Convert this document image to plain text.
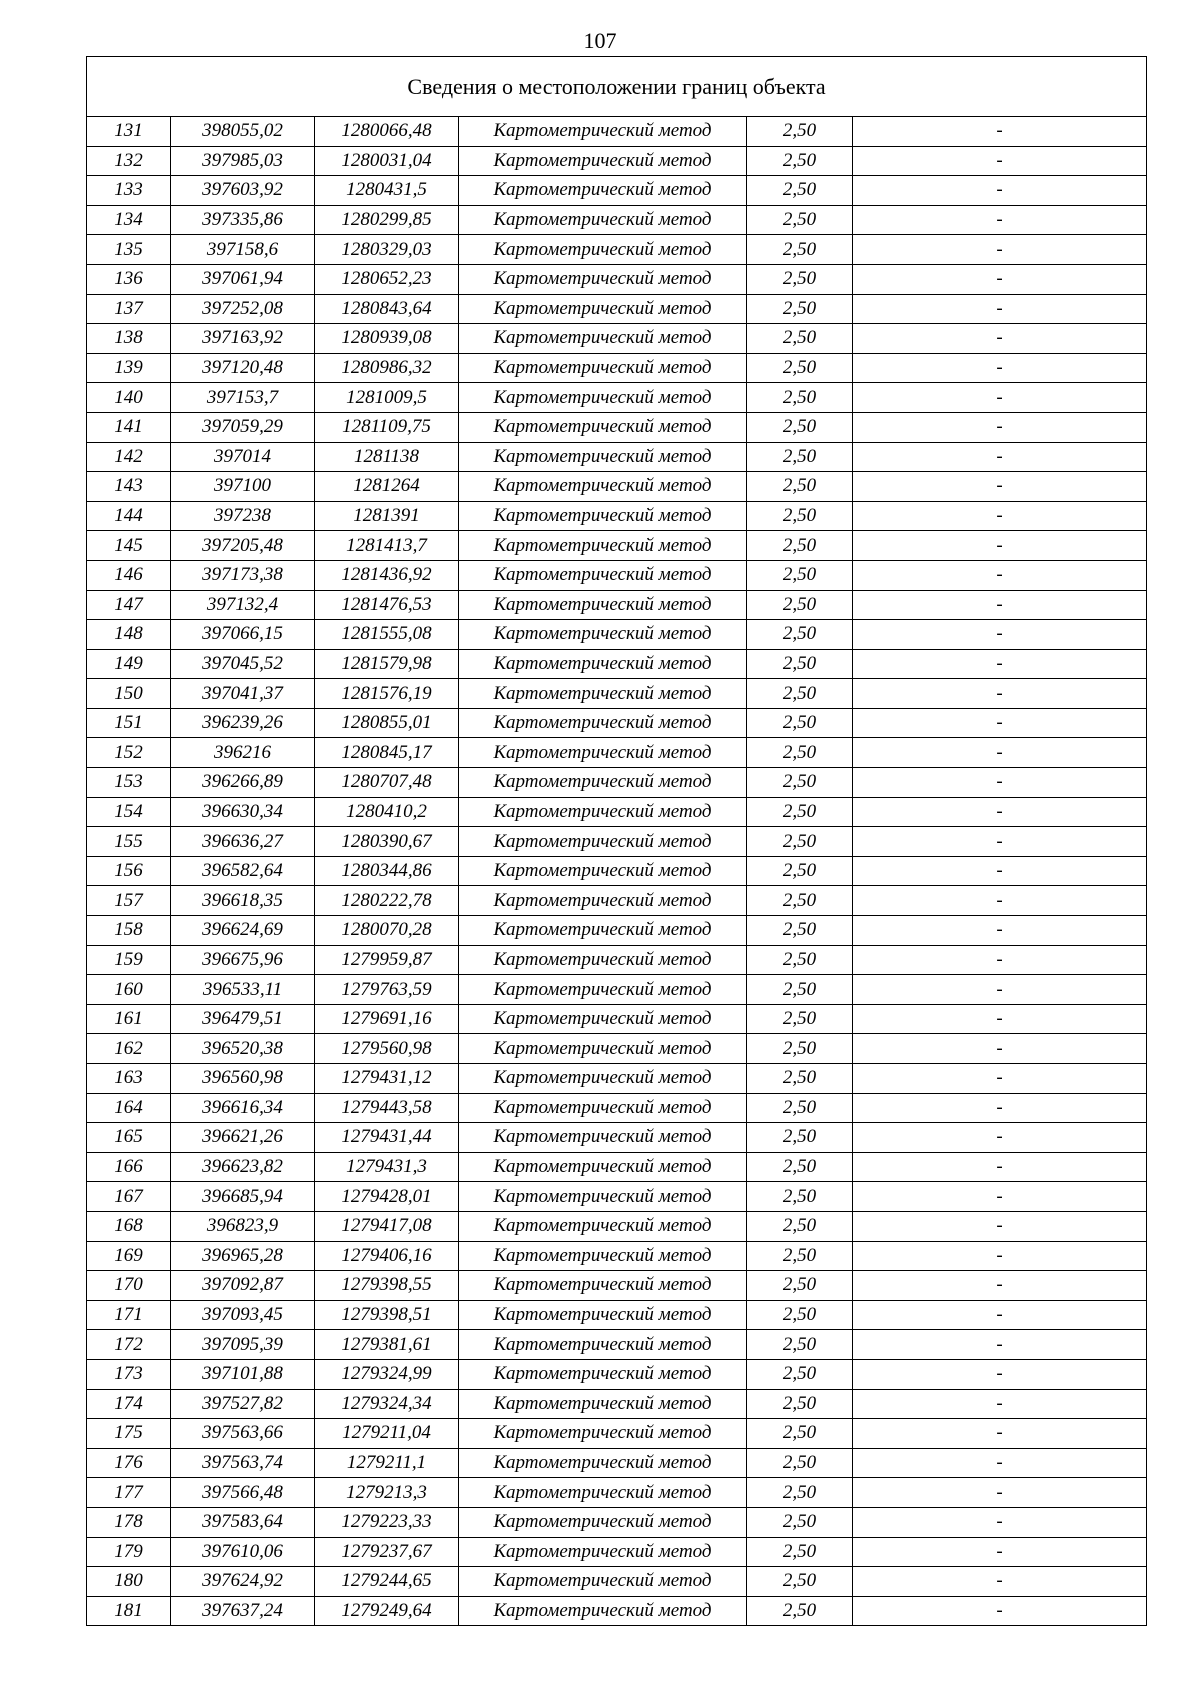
107
Сведения о местоположении границ объекта					
131	398055,02	1280066,48	Картометрический метод	2,50	-
132	397985,03	1280031,04	Картометрический метод	2,50	-
133	397603,92	1280431,5	Картометрический метод	2,50	-
134	397335,86	1280299,85	Картометрический метод	2,50	-
135	397158,6	1280329,03	Картометрический метод	2,50	-
136	397061,94	1280652,23	Картометрический метод	2,50	-
137	397252,08	1280843,64	Картометрический метод	2,50	-
138	397163,92	1280939,08	Картометрический метод	2,50	-
139	397120,48	1280986,32	Картометрический метод	2,50	-
140	397153,7	1281009,5	Картометрический метод	2,50	-
141	397059,29	1281109,75	Картометрический метод	2,50	-
142	397014	1281138	Картометрический метод	2,50	-
143	397100	1281264	Картометрический метод	2,50	-
144	397238	1281391	Картометрический метод	2,50	-
145	397205,48	1281413,7	Картометрический метод	2,50	-
146	397173,38	1281436,92	Картометрический метод	2,50	-
147	397132,4	1281476,53	Картометрический метод	2,50	-
148	397066,15	1281555,08	Картометрический метод	2,50	-
149	397045,52	1281579,98	Картометрический метод	2,50	-
150	397041,37	1281576,19	Картометрический метод	2,50	-
151	396239,26	1280855,01	Картометрический метод	2,50	-
152	396216	1280845,17	Картометрический метод	2,50	-
153	396266,89	1280707,48	Картометрический метод	2,50	-
154	396630,34	1280410,2	Картометрический метод	2,50	-
155	396636,27	1280390,67	Картометрический метод	2,50	-
156	396582,64	1280344,86	Картометрический метод	2,50	-
157	396618,35	1280222,78	Картометрический метод	2,50	-
158	396624,69	1280070,28	Картометрический метод	2,50	-
159	396675,96	1279959,87	Картометрический метод	2,50	-
160	396533,11	1279763,59	Картометрический метод	2,50	-
161	396479,51	1279691,16	Картометрический метод	2,50	-
162	396520,38	1279560,98	Картометрический метод	2,50	-
163	396560,98	1279431,12	Картометрический метод	2,50	-
164	396616,34	1279443,58	Картометрический метод	2,50	-
165	396621,26	1279431,44	Картометрический метод	2,50	-
166	396623,82	1279431,3	Картометрический метод	2,50	-
167	396685,94	1279428,01	Картометрический метод	2,50	-
168	396823,9	1279417,08	Картометрический метод	2,50	-
169	396965,28	1279406,16	Картометрический метод	2,50	-
170	397092,87	1279398,55	Картометрический метод	2,50	-
171	397093,45	1279398,51	Картометрический метод	2,50	-
172	397095,39	1279381,61	Картометрический метод	2,50	-
173	397101,88	1279324,99	Картометрический метод	2,50	-
174	397527,82	1279324,34	Картометрический метод	2,50	-
175	397563,66	1279211,04	Картометрический метод	2,50	-
176	397563,74	1279211,1	Картометрический метод	2,50	-
177	397566,48	1279213,3	Картометрический метод	2,50	-
178	397583,64	1279223,33	Картометрический метод	2,50	-
179	397610,06	1279237,67	Картометрический метод	2,50	-
180	397624,92	1279244,65	Картометрический метод	2,50	-
181	397637,24	1279249,64	Картометрический метод	2,50	-
